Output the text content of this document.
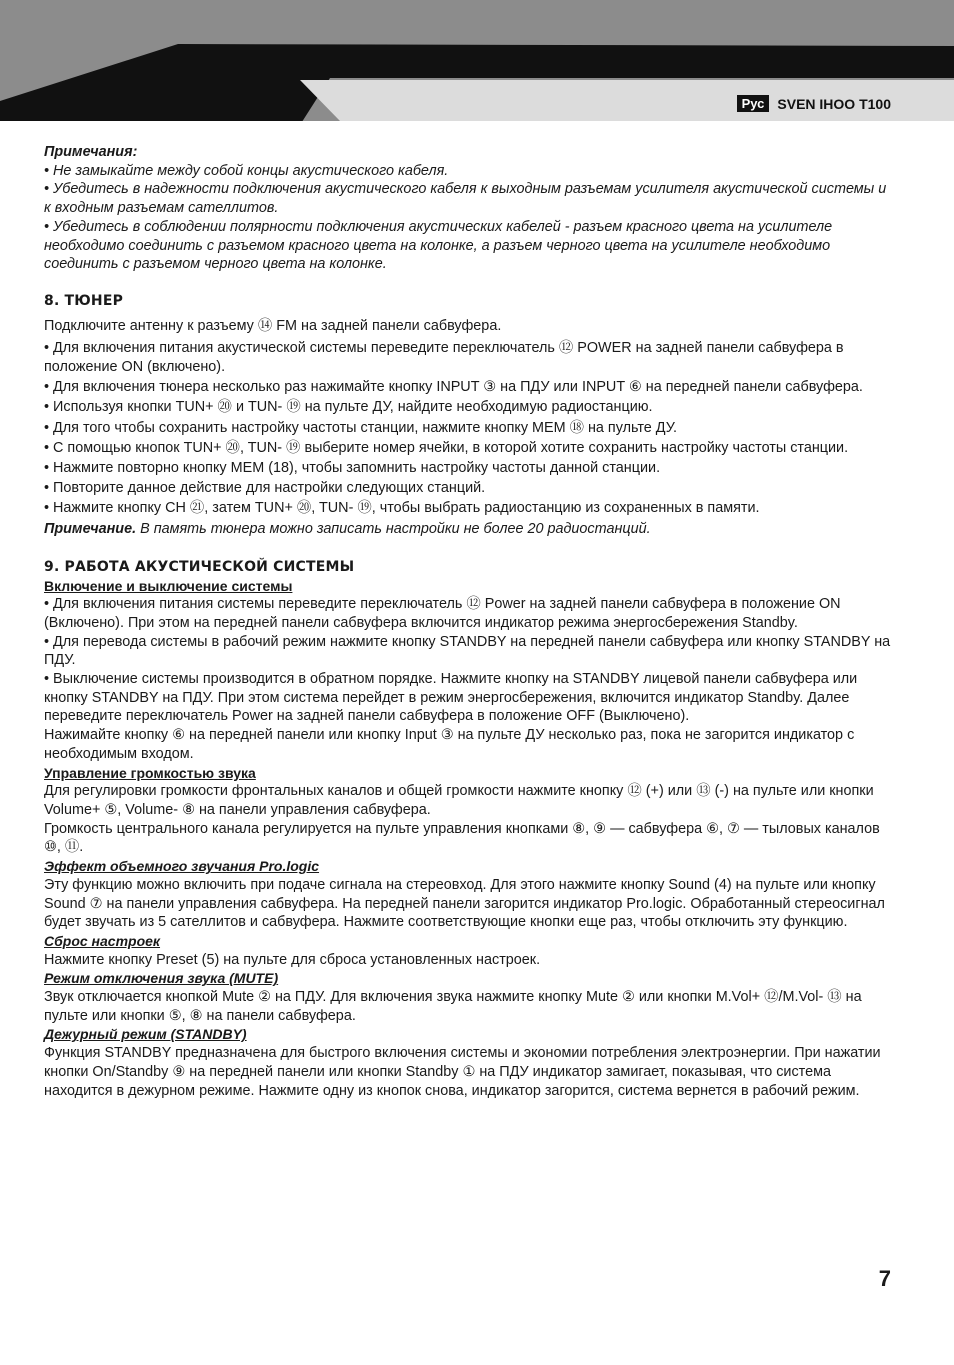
Рус SVEN IHOO T100

Примечания:

• Не замыкайте между собой концы акустического кабеля.

• Убедитесь в надежности подключения акустического кабеля к выходным разъемам усилителя акустической системы и к входным разъемам сателлитов.

• Убедитесь в соблюдении полярности подключения акустических кабелей - разъем красного цвета на усилителе необходимо соединить с разъемом красного цвета на колонке, а разъем черного цвета на усилителе необходимо соединить с разъемом черного цвета на колонке.

8. ТЮНЕР

Подключите антенну к разъему ⑭ FM на задней панели сабвуфера.

• Для включения питания акустической системы переведите переключатель ⑫ POWER на задней панели сабвуфера в положение ON (включено).

• Для включения тюнера несколько раз нажимайте кнопку INPUT ③ на ПДУ или INPUT ⑥ на передней панели сабвуфера.

• Используя кнопки TUN+ ⑳ и TUN- ⑲ на пульте ДУ, найдите необходимую радиостанцию.

• Для того чтобы сохранить настройку частоты станции, нажмите кнопку MEM ⑱ на пульте ДУ.

• С помощью кнопок TUN+ ⑳, TUN- ⑲ выберите номер ячейки, в которой хотите сохранить настройку частоты станции.

• Нажмите повторно кнопку MEM (18), чтобы запомнить настройку частоты данной станции.

• Повторите данное действие для настройки следующих станций.

• Нажмите кнопку CH ㉑, затем TUN+ ⑳, TUN- ⑲, чтобы выбрать радиостанцию из сохраненных в памяти.

Примечание. В память тюнера можно записать настройки не более 20 радиостанций.

9. РАБОТА АКУСТИЧЕСКОЙ СИСТЕМЫ

Включение и выключение системы

• Для включения питания системы переведите переключатель ⑫ Power на задней панели сабвуфера в положение ON (Включено). При этом на передней панели сабвуфера включится индикатор режима энергосбережения Standby.

• Для перевода системы в рабочий режим нажмите кнопку STANDBY на передней панели сабвуфера или кнопку STANDBY на ПДУ.

• Выключение системы производится в обратном порядке. Нажмите кнопку на STANDBY лицевой панели сабвуфера или кнопку STANDBY на ПДУ. При этом система перейдет в режим энергосбережения, включится индикатор Standby. Далее переведите переключатель Power на задней панели сабвуфера в положение OFF (Выключено).

Нажимайте кнопку ⑥ на передней панели или кнопку Input ③ на пульте ДУ несколько раз, пока не загорится индикатор с необходимым входом.

Управление громкостью звука

Для регулировки громкости фронтальных каналов и общей громкости нажмите кнопку ⑫ (+) или ⑬ (-) на пульте или кнопки Volume+ ⑤, Volume- ⑧ на панели управления сабвуфера.

Громкость центрального канала регулируется на пульте управления кнопками ⑧, ⑨ — сабвуфера ⑥, ⑦ — тыловых каналов ⑩, ⑪.

Эффект объемного звучания Pro.logic

Эту функцию можно включить при подаче сигнала на стереовход. Для этого нажмите кнопку Sound (4) на пульте или кнопку Sound ⑦ на панели управления сабвуфера. На передней панели загорится индикатор Pro.logic. Обработанный стереосигнал будет звучать из 5 сателлитов и сабвуфера. Нажмите соответствующие кнопки еще раз, чтобы отключить эту функцию.

Сброс настроек

Нажмите кнопку Preset (5) на пульте для сброса установленных настроек.

Режим отключения звука (MUTE)

Звук отключается кнопкой Mute ② на ПДУ. Для включения звука нажмите кнопку Mute ② или кнопки M.Vol+ ⑫/M.Vol- ⑬ на пульте или кнопки ⑤, ⑧ на панели сабвуфера.

Дежурный режим (STANDBY)

Функция STANDBY предназначена для быстрого включения системы и экономии потребления электроэнергии. При нажатии кнопки On/Standby ⑨ на передней панели или кнопки Standby ① на ПДУ индикатор замигает, показывая, что система находится в дежурном режиме. Нажмите одну из кнопок снова, индикатор загорится, система вернется в рабочий режим.

7
